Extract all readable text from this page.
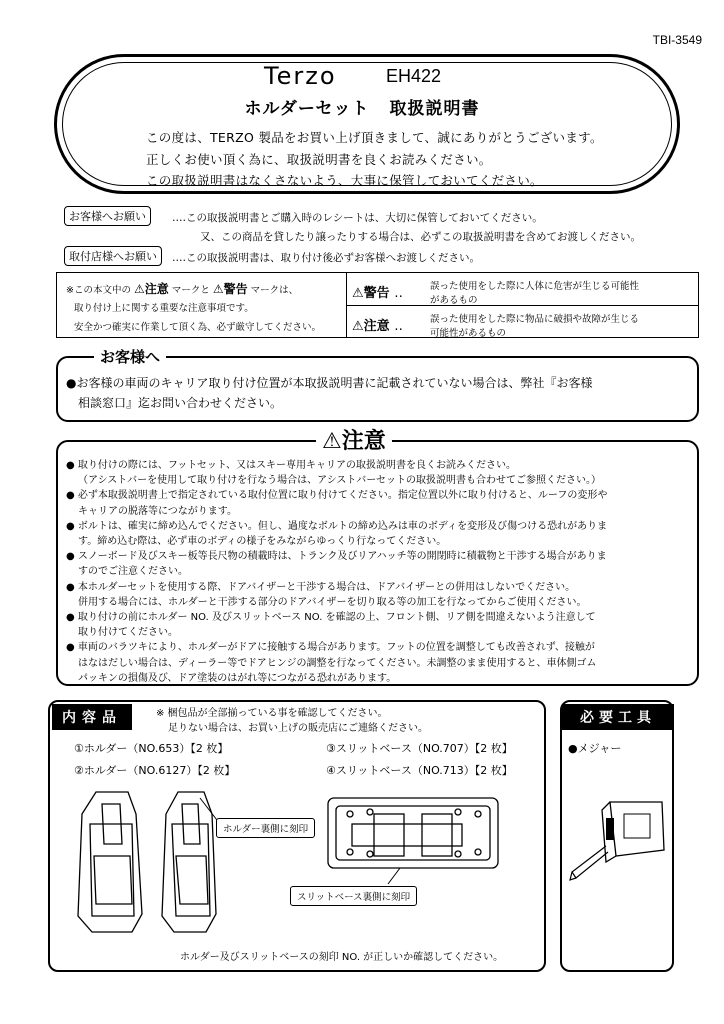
TBI-3549
Terzo	EH422
ホルダーセット 取扱説明書
この度は、TERZO 製品をお買い上げ頂きまして、誠にありがとうございます。
正しくお使い頂く為に、取扱説明書を良くお読みください。
この取扱説明書はなくさないよう、大事に保管しておいてください。
お客様へお願い	‥‥この取扱説明書とご購入時のレシートは、大切に保管しておいてください。
又、この商品を貸したり譲ったりする場合は、必ずこの取扱説明書を含めてお渡しください。
取付店様へお願い	‥‥この取扱説明書は、取り付け後必ずお客様へお渡しください。
※この本文中の ⚠注意 マークと ⚠警告 マークは、
取り付け上に関する重要な注意事項です。
安全かつ確実に作業して頂く為、必ず厳守してください。
⚠警告 ‥	誤った使用をした際に人体に危害が生じる可能性
があるもの
⚠注意 ‥	誤った使用をした際に物品に破損や故障が生じる
可能性があるもの
お客様へ
●お客様の車両のキャリア取り付け位置が本取扱説明書に記載されていない場合は、弊社『お客様
相談窓口』迄お問い合わせください。
⚠注意
● 取り付けの際には、フットセット、又はスキー専用キャリアの取扱説明書を良くお読みください。
（アシストバーを使用して取り付けを行なう場合は、アシストバーセットの取扱説明書も合わせてご参照ください。）
● 必ず本取扱説明書上で指定されている取付位置に取り付けてください。指定位置以外に取り付けると、ルーフの変形や
キャリアの脱落等につながります。
● ボルトは、確実に締め込んでください。但し、過度なボルトの締め込みは車のボディを変形及び傷つける恐れがありま
す。締め込む際は、必ず車のボディの様子をみながらゆっくり行なってください。
● スノーボード及びスキー板等長尺物の積載時は、トランク及びリアハッチ等の開閉時に積載物と干渉する場合がありま
すのでご注意ください。
● 本ホルダーセットを使用する際、ドアバイザーと干渉する場合は、ドアバイザーとの併用はしないでください。
併用する場合には、ホルダーと干渉する部分のドアバイザーを切り取る等の加工を行なってからご使用ください。
● 取り付けの前にホルダー NO. 及びスリットベース NO. を確認の上、フロント側、リア側を間違えないよう注意して
取り付けてください。
● 車両のバラツキにより、ホルダーがドアに接触する場合があります。フットの位置を調整しても改善されず、接触が
はなはだしい場合は、ディーラー等でドアヒンジの調整を行なってください。未調整のまま使用すると、車体側ゴム
パッキンの損傷及び、ドア塗装のはがれ等につながる恐れがあります。
内容品	※ 梱包品が全部揃っている事を確認してください。
足りない場合は、お買い上げの販売店にご連絡ください。
①ホルダー（NO.653）【2 枚】	③スリットベース（NO.707）【2 枚】
②ホルダー（NO.6127）【2 枚】	④スリットベース（NO.713）【2 枚】
ホルダー裏側に刻印
スリットベース裏側に刻印
ホルダー及びスリットベースの刻印 NO. が正しいか確認してください。
必要工具
●メジャー
